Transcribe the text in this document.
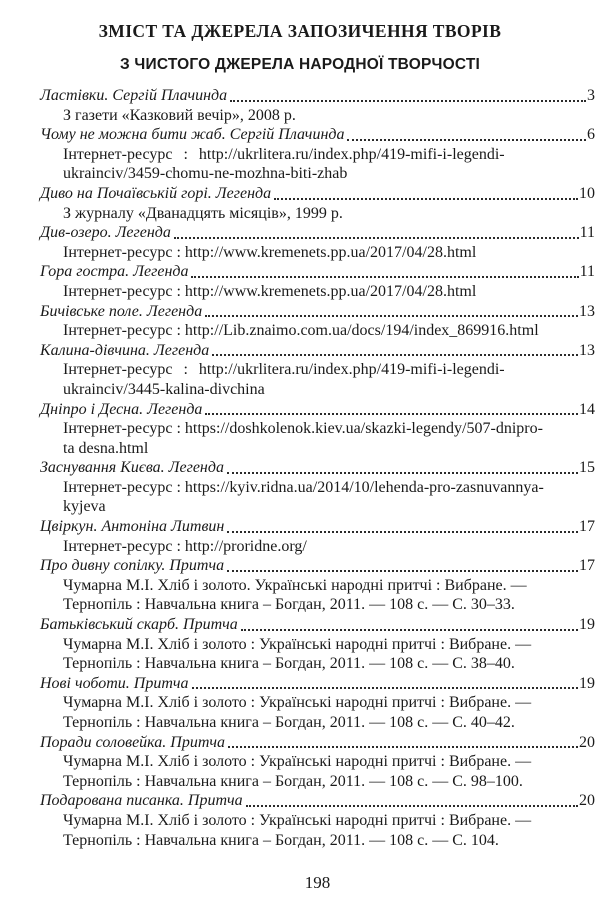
ЗМІСТ ТА ДЖЕРЕЛА ЗАПОЗИЧЕННЯ ТВОРІВ
З ЧИСТОГО ДЖЕРЕЛА НАРОДНОЇ ТВОРЧОСТІ
Ластівки. Сергій Плачинда	3
З газети «Казковий вечір», 2008 р.
Чому не можна бити жаб. Сергій Плачинда	6
Інтернет-ресурс : http://ukrlitera.ru/index.php/419-mifi-i-legendi-
ukrainciv/3459-chomu-ne-mozhna-biti-zhab
Диво на Почаївській горі. Легенда	10
З журналу «Дванадцять місяців», 1999 р.
Див-озеро. Легенда	11
Інтернет-ресурс : http://www.kremenets.pp.ua/2017/04/28.html
Гора гостра. Легенда	11
Інтернет-ресурс : http://www.kremenets.pp.ua/2017/04/28.html
Бичівське поле. Легенда	13
Інтернет-ресурс : http://Lib.znaimo.com.ua/docs/194/index_869916.html
Калина-дівчина. Легенда	13
Інтернет-ресурс : http://ukrlitera.ru/index.php/419-mifi-i-legendi-
ukrainciv/3445-kalina-divchina
Дніпро і Десна. Легенда	14
Інтернет-ресурс : https://doshkolenok.kiev.ua/skazki-legendy/507-dnipro-
ta desna.html
Заснування Києва. Легенда	15
Інтернет-ресурс : https://kyiv.ridna.ua/2014/10/lehenda-pro-zasnuvannya-
kyjeva
Цвіркун. Антоніна Литвин	17
Інтернет-ресурс : http://proridne.org/
Про дивну сопілку. Притча	17
Чумарна М.І. Хліб і золото. Українські народні притчі : Вибране. —
Тернопіль : Навчальна книга – Богдан, 2011. — 108 с. — С. 30–33.
Батьківський скарб. Притча	19
Чумарна М.І. Хліб і золото : Українські народні притчі : Вибране. —
Тернопіль : Навчальна книга – Богдан, 2011. — 108 с. — С. 38–40.
Нові чоботи. Притча	19
Чумарна М.І. Хліб і золото : Українські народні притчі : Вибране. —
Тернопіль : Навчальна книга – Богдан, 2011. — 108 с. — С. 40–42.
Поради соловейка. Притча	20
Чумарна М.І. Хліб і золото : Українські народні притчі : Вибране. —
Тернопіль : Навчальна книга – Богдан, 2011. — 108 с. — С. 98–100.
Подарована писанка. Притча	20
Чумарна М.І. Хліб і золото : Українські народні притчі : Вибране. —
Тернопіль : Навчальна книга – Богдан, 2011. — 108 с. — С. 104.
198
